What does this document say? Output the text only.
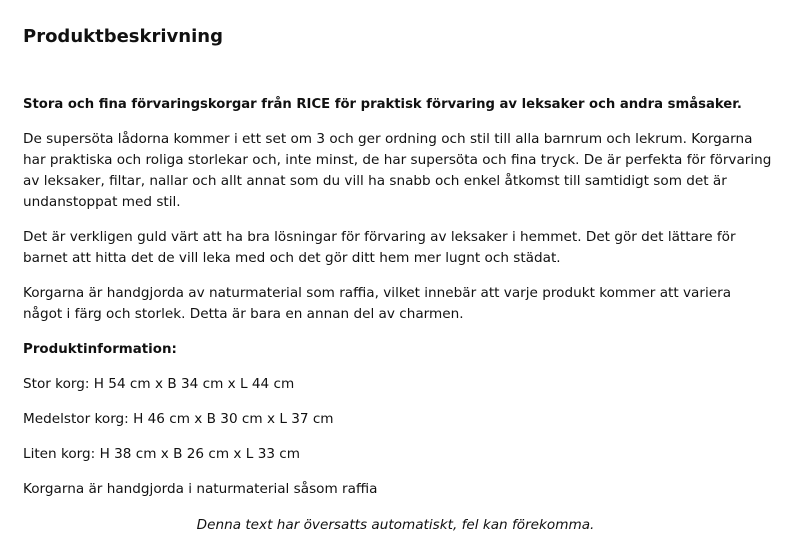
Produktbeskrivning

Stora och fina förvaringskorgar från RICE för praktisk förvaring av leksaker och andra småsaker.

De supersöta lådorna kommer i ett set om 3 och ger ordning och stil till alla barnrum och lekrum. Korgarna har praktiska och roliga storlekar och, inte minst, de har supersöta och fina tryck. De är perfekta för förvaring av leksaker, filtar, nallar och allt annat som du vill ha snabb och enkel åtkomst till samtidigt som det är undanstoppat med stil.

Det är verkligen guld värt att ha bra lösningar för förvaring av leksaker i hemmet. Det gör det lättare för barnet att hitta det de vill leka med och det gör ditt hem mer lugnt och städat.

Korgarna är handgjorda av naturmaterial som raffia, vilket innebär att varje produkt kommer att variera något i färg och storlek. Detta är bara en annan del av charmen.

Produktinformation:

Stor korg: H 54 cm x B 34 cm x L 44 cm

Medelstor korg: H 46 cm x B 30 cm x L 37 cm

Liten korg: H 38 cm x B 26 cm x L 33 cm

Korgarna är handgjorda i naturmaterial såsom raffia

Denna text har översatts automatiskt, fel kan förekomma.
